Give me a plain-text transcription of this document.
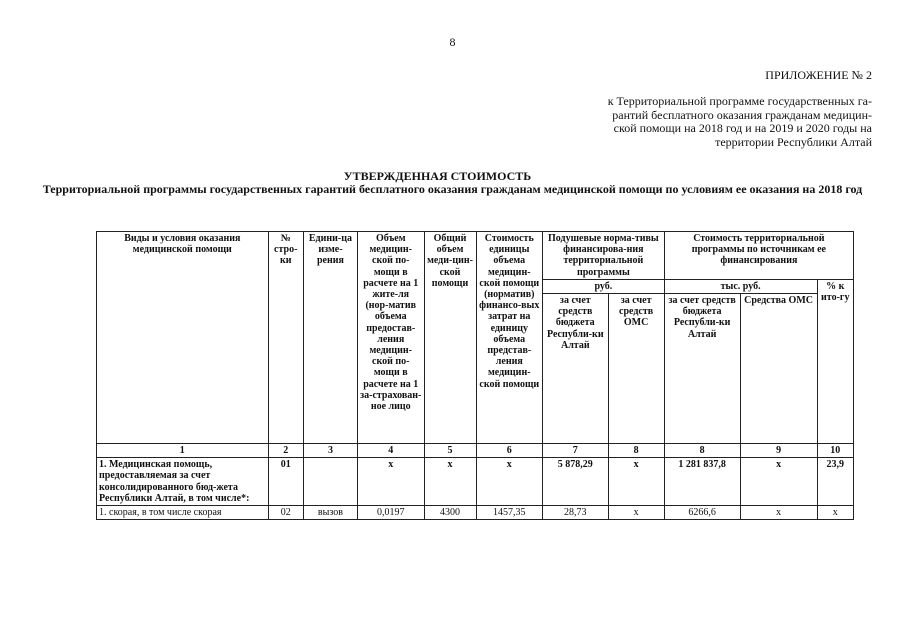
8
ПРИЛОЖЕНИЕ № 2
к Территориальной программе государственных га-
рантий бесплатного оказания гражданам медицин-
ской помощи на 2018 год и на 2019 и 2020 годы на
территории Республики Алтай
УТВЕРЖДЕННАЯ СТОИМОСТЬ
Территориальной программы государственных гарантий бесплатного оказания гражданам медицинской помощи по условиям ее оказания на 2018 год
Виды и условия оказания медицинской помощи	№ стро-ки	Едини-ца изме-рения	Объем медицин-ской по-мощи в расчете на 1 жите-ля (нор-матив объема предостав-ления медицин-ской по-мощи в расчете на 1 за-страхован-ное лицо	Общий объем меди-цин-ской помощи	Стоимость единицы объема медицин-ской помощи (норматив) финансо-вых затрат на единицу объема представ-ления медицин-ской помощи	Подушевые норма-тивы финансирова-ния территориальной программы		Стоимость территориальной программы по источникам ее финансирования		
						руб.		тыс. руб.		% к ито-гу
						за счет средств бюджета Республи-ки Алтай	за счет средств ОМС	за счет средств бюджета Республи-ки Алтай	Средства ОМС	
1	2	3	4	5	6	7	8	8	9	10
1. Медицинская помощь, предоставляемая за счет консолидированного бюд-жета Республики Алтай, в том числе*:	01		х	х	х	5 878,29	х	1 281 837,8	х	23,9
1. скорая, в том числе скорая	02	вызов	0,0197	4300	1457,35	28,73	х	6266,6	х	х
